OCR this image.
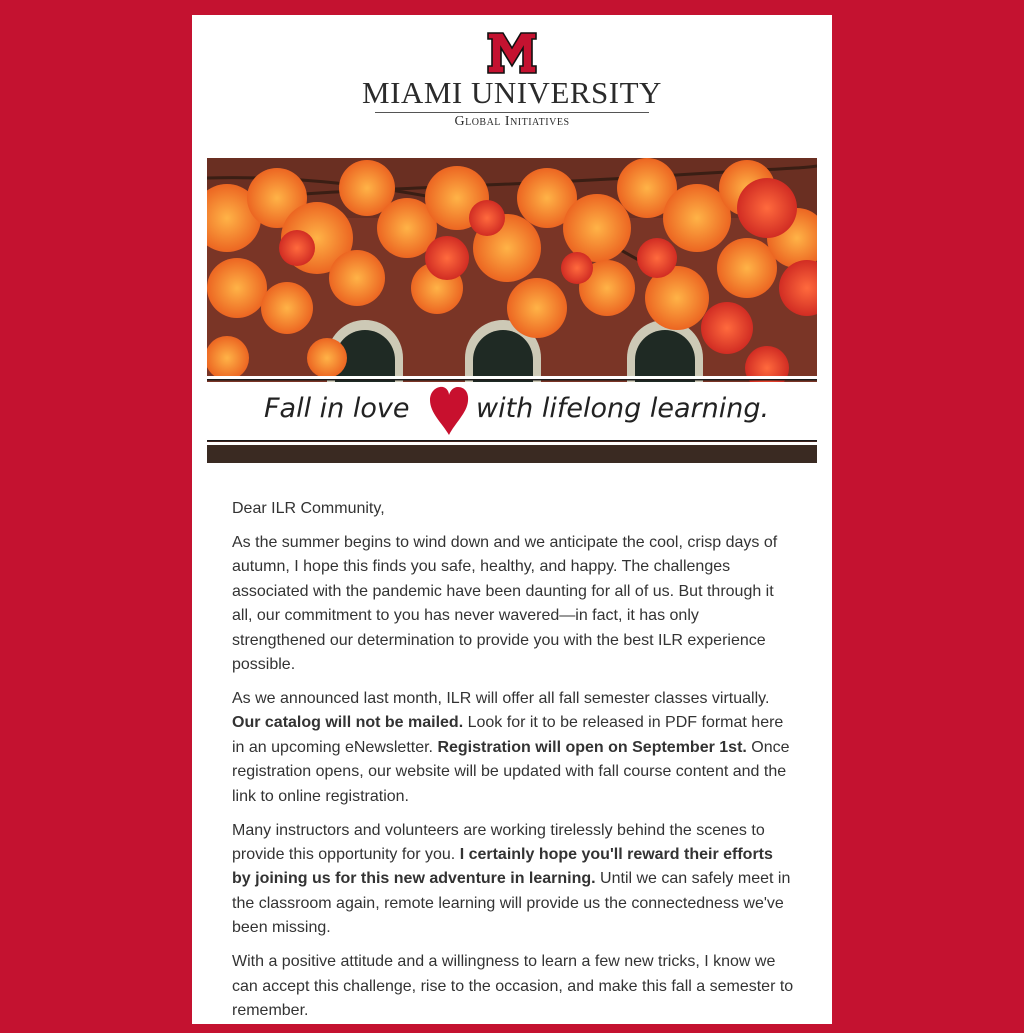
MIAMI UNIVERSITY
Global Initiatives
Fall in love with lifelong learning.

Dear ILR Community,

As the summer begins to wind down and we anticipate the cool, crisp days of autumn, I hope this finds you safe, healthy, and happy. The challenges associated with the pandemic have been daunting for all of us. But through it all, our commitment to you has never wavered—in fact, it has only strengthened our determination to provide you with the best ILR experience possible.

As we announced last month, ILR will offer all fall semester classes virtually. Our catalog will not be mailed. Look for it to be released in PDF format here in an upcoming eNewsletter. Registration will open on September 1st. Once registration opens, our website will be updated with fall course content and the link to online registration.

Many instructors and volunteers are working tirelessly behind the scenes to provide this opportunity for you. I certainly hope you'll reward their efforts by joining us for this new adventure in learning. Until we can safely meet in the classroom again, remote learning will provide us the connectedness we've been missing.

With a positive attitude and a willingness to learn a few new tricks, I know we can accept this challenge, rise to the occasion, and make this fall a semester to remember.
